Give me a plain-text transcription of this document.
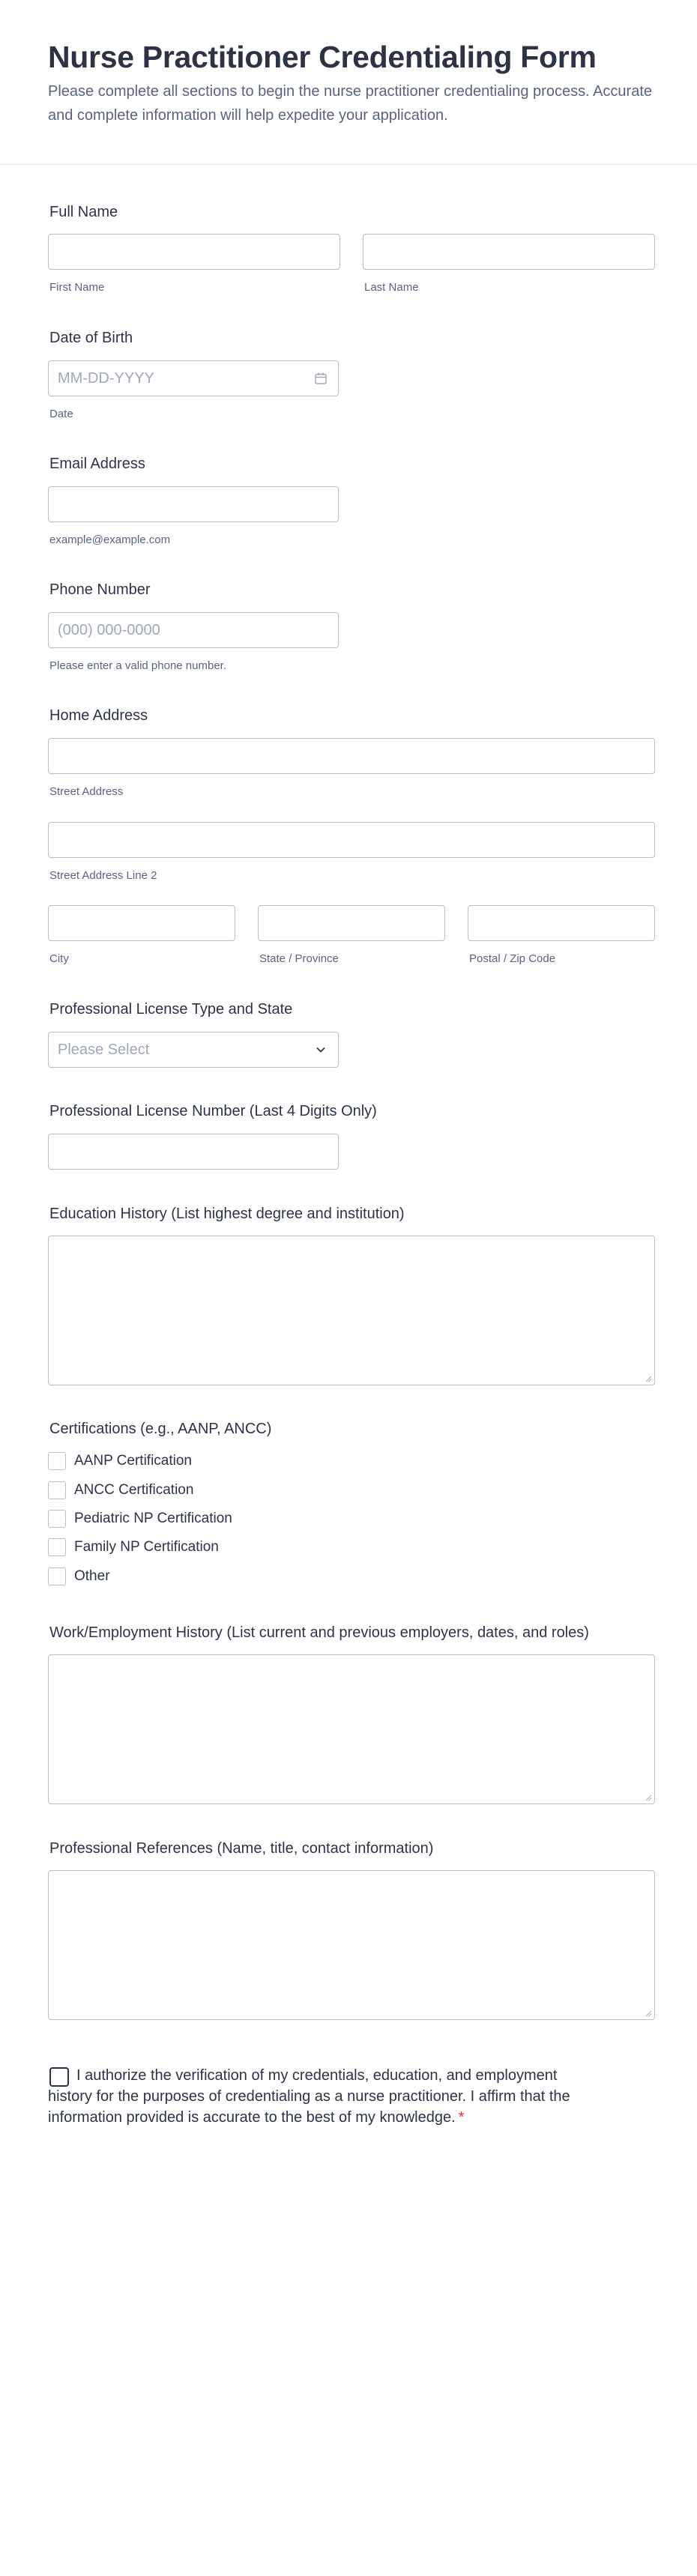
Nurse Practitioner Credentialing Form

Please complete all sections to begin the nurse practitioner credentialing process. Accurate and complete information will help expedite your application.

Full Name
First Name	Last Name
Date of Birth
MM-DD-YYYY
Date
Email Address
example@example.com
Phone Number
(000) 000-0000
Please enter a valid phone number.
Home Address
Street Address
Street Address Line 2
City	State / Province	Postal / Zip Code
Professional License Type and State
Please Select
Professional License Number (Last 4 Digits Only)
Education History (List highest degree and institution)
Certifications (e.g., AANP, ANCC)
AANP Certification
ANCC Certification
Pediatric NP Certification
Family NP Certification
Other
Work/Employment History (List current and previous employers, dates, and roles)
Professional References (Name, title, contact information)
I authorize the verification of my credentials, education, and employment history for the purposes of credentialing as a nurse practitioner. I affirm that the information provided is accurate to the best of my knowledge. *
